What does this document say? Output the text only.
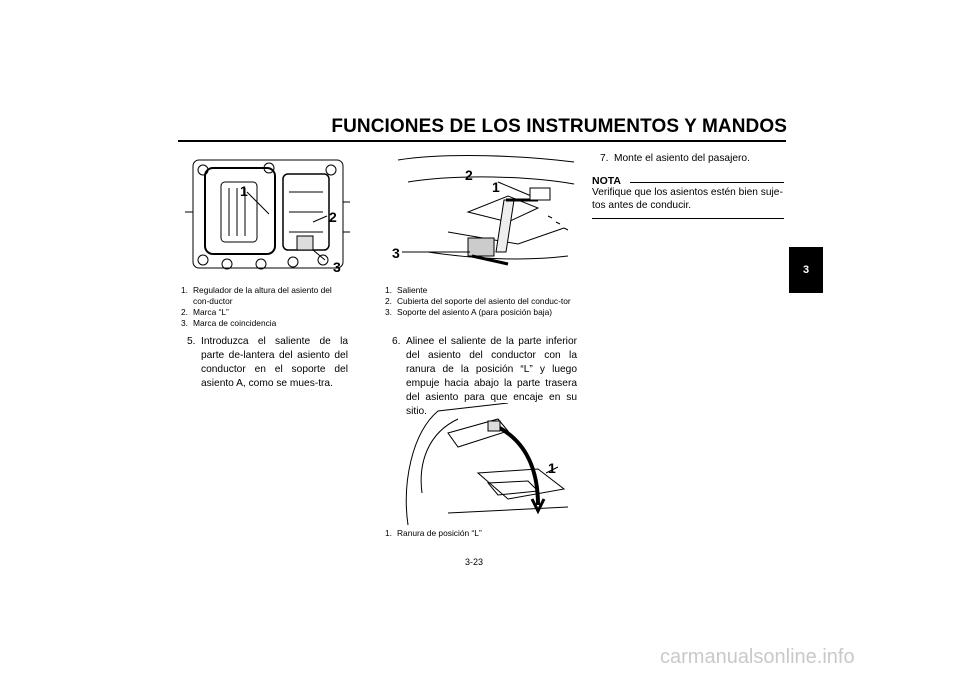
FUNCIONES DE LOS INSTRUMENTOS Y MANDOS
3
1
2
3
1. Regulador de la altura del asiento del con-ductor
2. Marca “L”
3. Marca de coincidencia
5. Introduzca el saliente de la parte de-lantera del asiento del conductor en el soporte del asiento A, como se mues-tra.
2
1
3
1. Saliente
2. Cubierta del soporte del asiento del conduc-tor
3. Soporte del asiento A (para posición baja)
6. Alinee el saliente de la parte inferior del asiento del conductor con la ranura de la posición “L” y luego empuje hacia abajo la parte trasera del asiento para que encaje en su sitio.
1
1. Ranura de posición “L”
7. Monte el asiento del pasajero.
NOTA
Verifique que los asientos estén bien suje-tos antes de conducir.
3-23
carmanualsonline.info
